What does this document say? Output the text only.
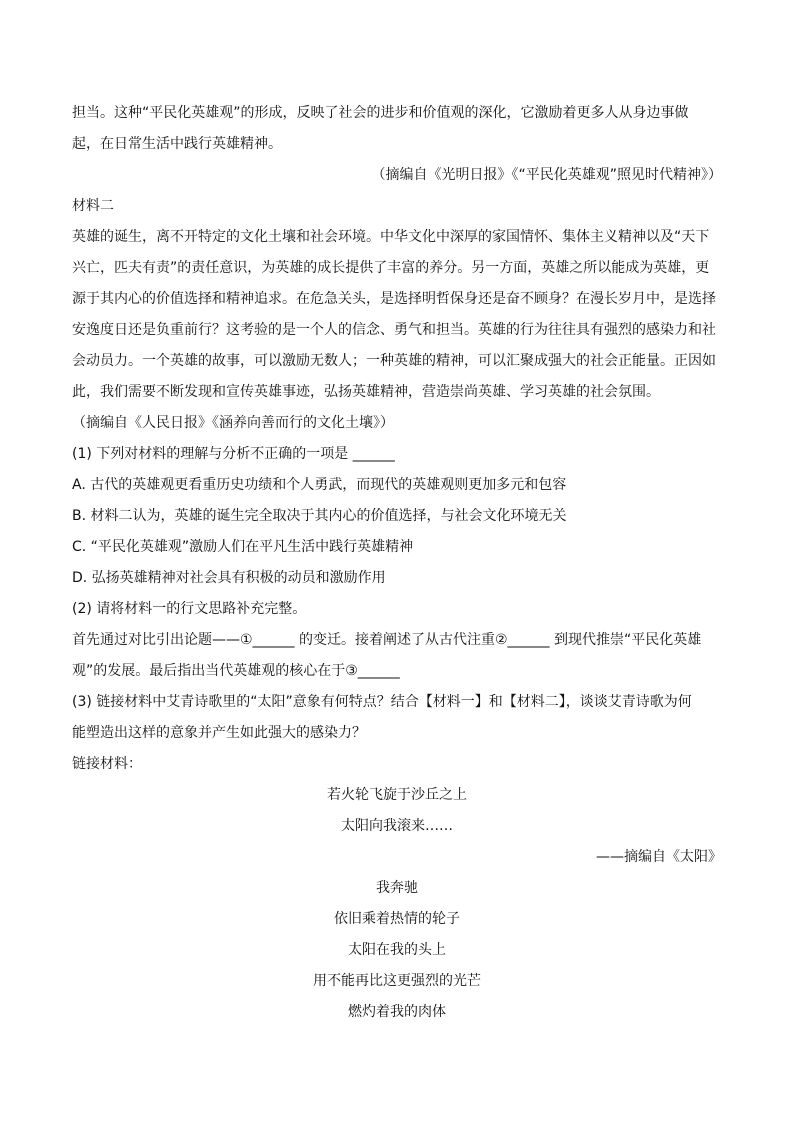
担当。这种“平民化英雄观”的形成，反映了社会的进步和价值观的深化，它激励着更多人从身边事做
起，在日常生活中践行英雄精神。
（摘编自《光明日报》《“平民化英雄观”照见时代精神》）
材料二
英雄的诞生，离不开特定的文化土壤和社会环境。中华文化中深厚的家国情怀、集体主义精神以及“天下
兴亡，匹夫有责”的责任意识，为英雄的成长提供了丰富的养分。另一方面，英雄之所以能成为英雄，更
源于其内心的价值选择和精神追求。在危急关头，是选择明哲保身还是奋不顾身？在漫长岁月中，是选择
安逸度日还是负重前行？这考验的是一个人的信念、勇气和担当。英雄的行为往往具有强烈的感染力和社
会动员力。一个英雄的故事，可以激励无数人；一种英雄的精神，可以汇聚成强大的社会正能量。正因如
此，我们需要不断发现和宣传英雄事迹，弘扬英雄精神，营造崇尚英雄、学习英雄的社会氛围。
（摘编自《人民日报》《涵养向善而行的文化土壤》）
(1) 下列对材料的理解与分析不正确的一项是 ______
A. 古代的英雄观更看重历史功绩和个人勇武，而现代的英雄观则更加多元和包容
B. 材料二认为，英雄的诞生完全取决于其内心的价值选择，与社会文化环境无关
C. “平民化英雄观”激励人们在平凡生活中践行英雄精神
D. 弘扬英雄精神对社会具有积极的动员和激励作用
(2) 请将材料一的行文思路补充完整。
首先通过对比引出论题——①______ 的变迁。接着阐述了从古代注重②______ 到现代推崇“平民化英雄
观”的发展。最后指出当代英雄观的核心在于③______
(3) 链接材料中艾青诗歌里的“太阳”意象有何特点？结合【材料一】和【材料二】，谈谈艾青诗歌为何
能塑造出这样的意象并产生如此强大的感染力？
链接材料：
若火轮飞旋于沙丘之上
太阳向我滚来……
——摘编自《太阳》
我奔驰
依旧乘着热情的轮子
太阳在我的头上
用不能再比这更强烈的光芒
燃灼着我的肉体
